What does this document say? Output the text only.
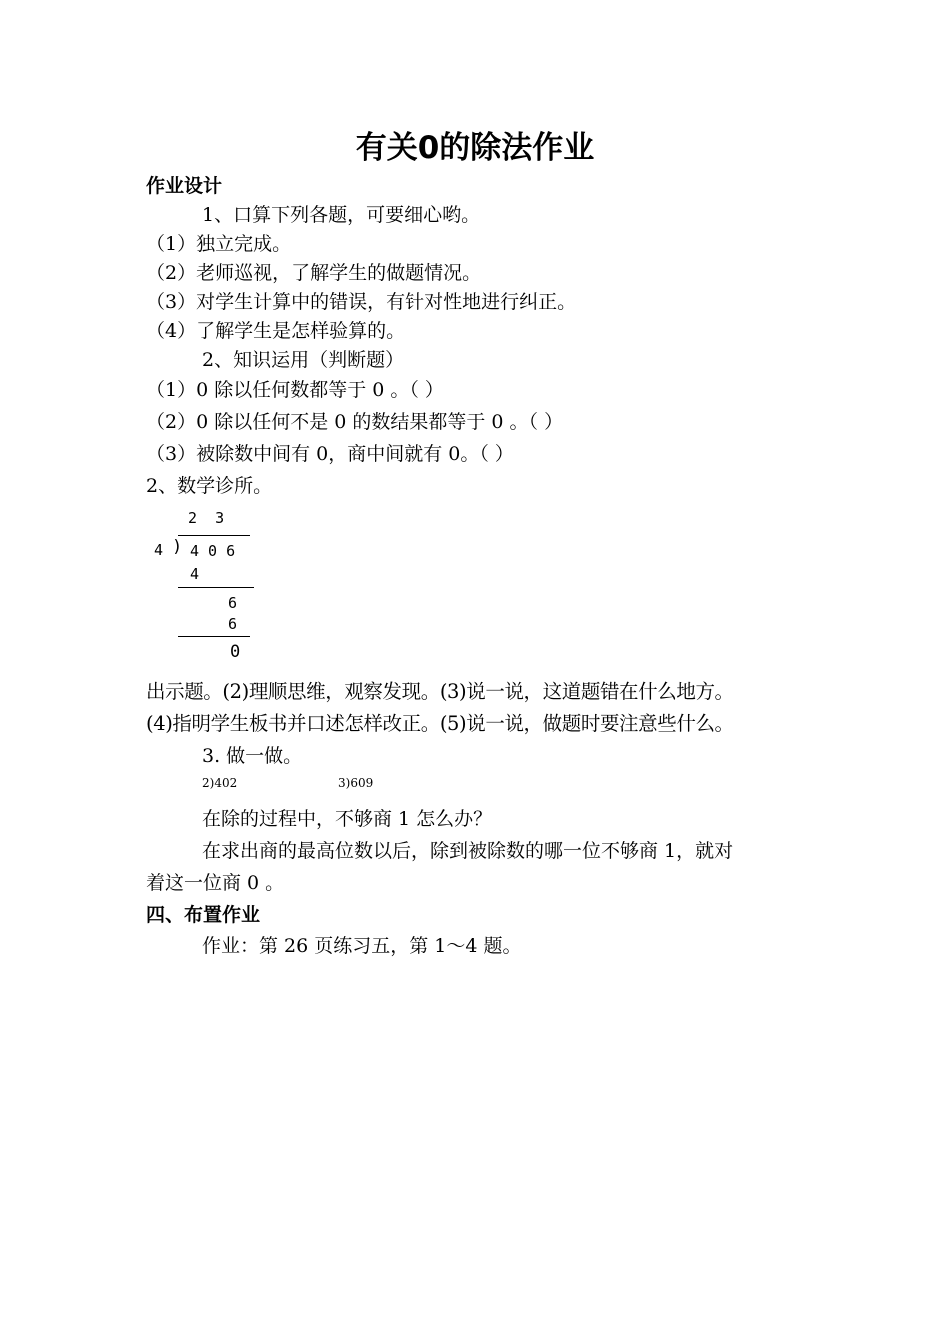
有关0的除法作业
作业设计
1、口算下列各题，可要细心哟。
（1）独立完成。
（2）老师巡视，了解学生的做题情况。
（3）对学生计算中的错误，有针对性地进行纠正。
（4）了解学生是怎样验算的。
2、知识运用（判断题）
（1）0 除以任何数都等于 0 。（ ）
（2）0 除以任何不是 0 的数结果都等于 0 。（ ）
（3）被除数中间有 0，商中间就有 0。（ ）
2、数学诊所。
2  3
4 ) 4 0 6
4
6
6
0
出示题。(2)理顺思维，观察发现。(3)说一说，这道题错在什么地方。
(4)指明学生板书并口述怎样改正。(5)说一说，做题时要注意些什么。
3. 做一做。
2)402	3)609
在除的过程中，不够商 1 怎么办？
在求出商的最高位数以后，除到被除数的哪一位不够商 1，就对
着这一位商 0 。
四、布置作业
作业：第 26 页练习五，第 1～4 题。
